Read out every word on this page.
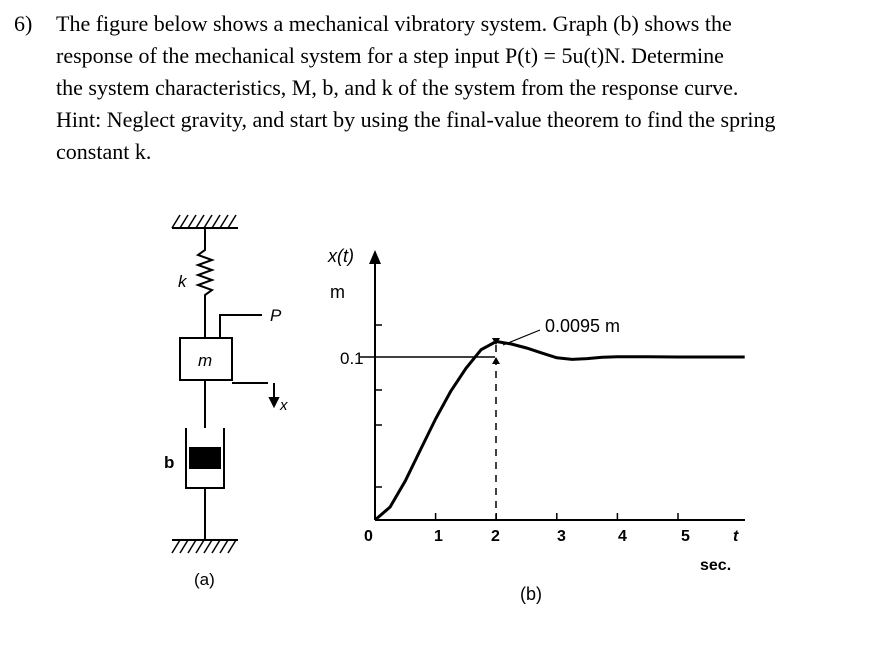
6) The figure below shows a mechanical vibratory system. Graph (b) shows the
response of the mechanical system for a step input P(t) = 5u(t)N. Determine
the system characteristics, M, b, and k of the system from the response curve.
Hint: Neglect gravity, and start by using the final-value theorem to find the spring
constant k.
k
m
b
P
x
(a)
x(t)
m
0.1
0.0095 m
0	1	2	3	4	5	t
sec.
(b)
